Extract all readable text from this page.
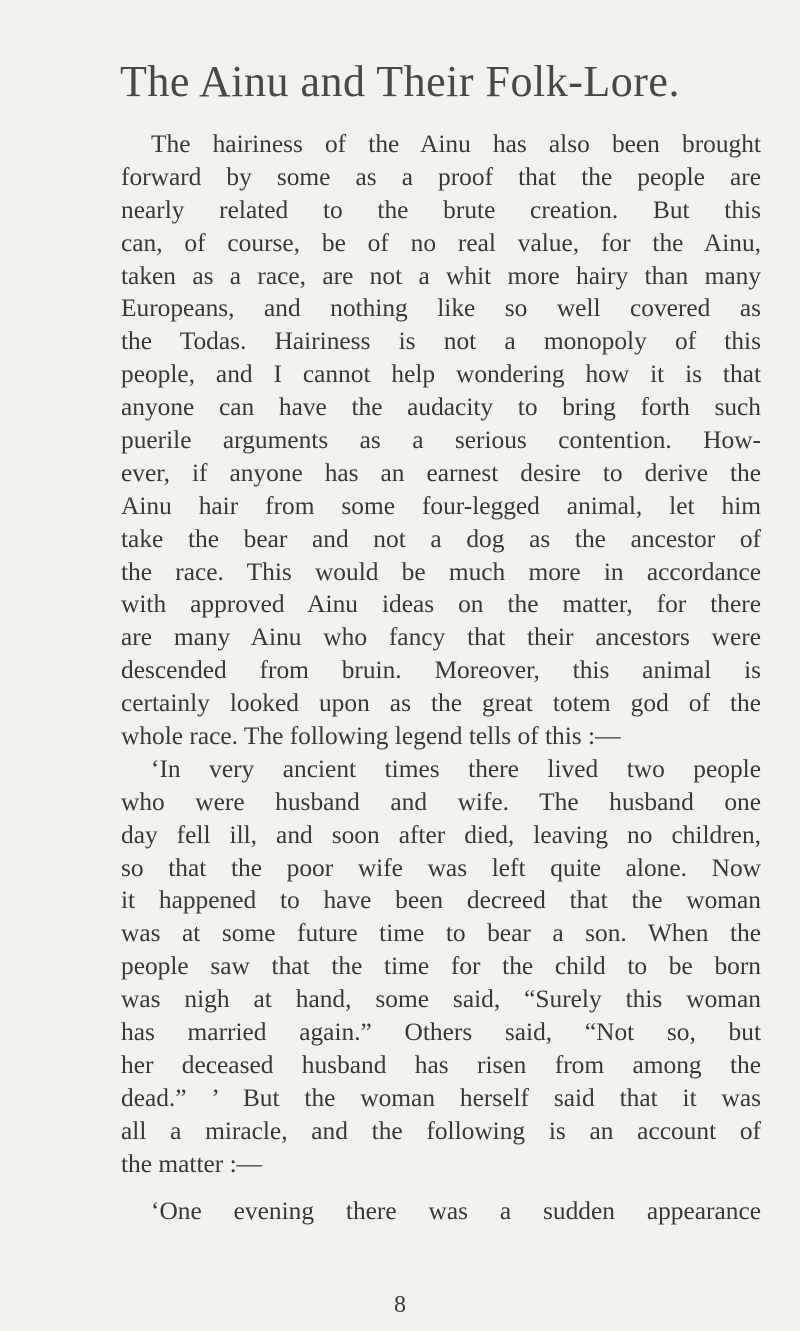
The Ainu and Their Folk-Lore.
The hairiness of the Ainu has also been brought
forward by some as a proof that the people are
nearly related to the brute creation. But this
can, of course, be of no real value, for the Ainu,
taken as a race, are not a whit more hairy than many
Europeans, and nothing like so well covered as
the Todas. Hairiness is not a monopoly of this
people, and I cannot help wondering how it is that
anyone can have the audacity to bring forth such
puerile arguments as a serious contention. How-
ever, if anyone has an earnest desire to derive the
Ainu hair from some four-legged animal, let him
take the bear and not a dog as the ancestor of
the race. This would be much more in accordance
with approved Ainu ideas on the matter, for there
are many Ainu who fancy that their ancestors were
descended from bruin. Moreover, this animal is
certainly looked upon as the great totem god of the
whole race. The following legend tells of this :—
‘In very ancient times there lived two people
who were husband and wife. The husband one
day fell ill, and soon after died, leaving no children,
so that the poor wife was left quite alone. Now
it happened to have been decreed that the woman
was at some future time to bear a son. When the
people saw that the time for the child to be born
was nigh at hand, some said, “Surely this woman
has married again.” Others said, “Not so, but
her deceased husband has risen from among the
dead.” ’ But the woman herself said that it was
all a miracle, and the following is an account of
the matter :—
‘One evening there was a sudden appearance
8
